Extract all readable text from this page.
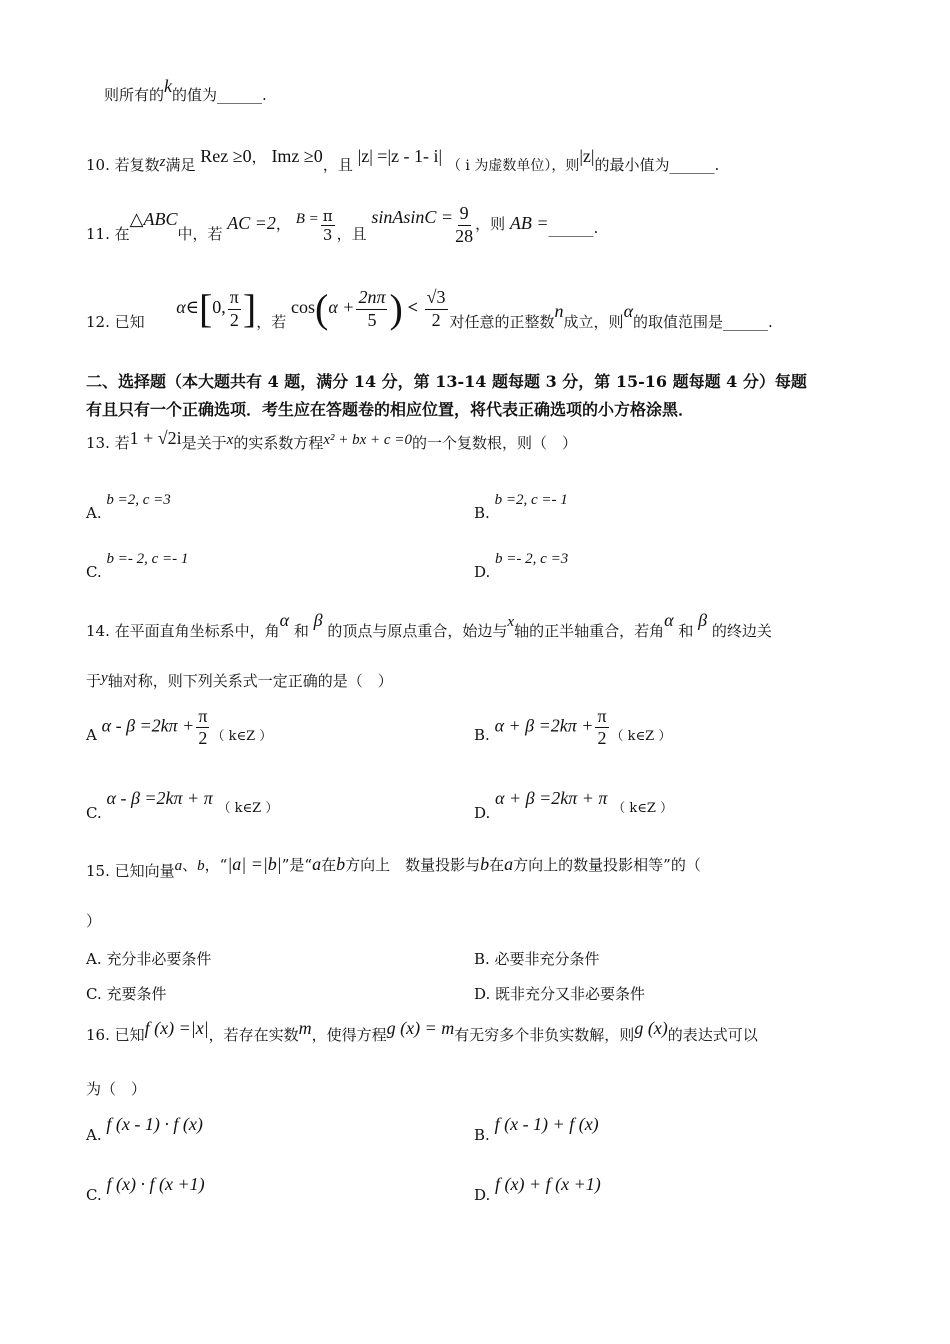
则所有的k的值为______.
10. 若复数z满足 Rez ≥0， Imz ≥0，且 |z| =|z - 1- i| （ i 为虚数单位），则|z|的最小值为______.
11. 在△ABC中，若 AC =2， $B = \frac{\pi}{3}$ ，且 sinAsinC = $\frac{9}{28}$ ，则 AB =______.
12. 已知  α∈[0, $\frac{\pi}{2}$ ]，若 $\cos(\alpha + \frac{2n\pi}{5}$ ) < $\frac{√3}{2}$ 对任意的正整数n成立，则α的取值范围是______.
二、选择题（本大题共有 4 题，满分 14 分，第 13-14 题每题 3 分，第 15-16 题每题 4 分）每题
有且只有一个正确选项．考生应在答题卷的相应位置，将代表正确选项的小方格涂黑．
13. 若1 + √2i是关于x的实系数方程x² + bx + c =0的一个复数根，则（　）
A. b =2, c =3
B. b =2, c =- 1
C. b =- 2, c =- 1
D. b =- 2, c =3
14. 在平面直角坐标系中，角α 和 β 的顶点与原点重合，始边与x轴的正半轴重合，若角α 和 β 的终边关
于y轴对称，则下列关系式一定正确的是（　）
A $\alpha - \beta =2k\pi + \frac{\pi}{2}$ （ k∈Z ）	B. $\alpha + \beta =2k\pi + \frac{\pi}{2}$ （ k∈Z ）
C. α - β =2kπ + π （ k∈Z ）	D. α + β =2kπ + π （ k∈Z ）
15. 已知向量a、b，“|a| =|b|”是“a在b方向上　数量投影与b在a方向上的数量投影相等”的（
）
A. 充分非必要条件	B. 必要非充分条件
C. 充要条件	D. 既非充分又非必要条件
16. 已知f (x) =|x|，若存在实数m，使得方程g (x) = m有无穷多个非负实数解，则g (x)的表达式可以
为（　）
A. f (x - 1) · f (x)
B. f (x - 1) + f (x)
C. f (x) · f (x +1)
D. f (x) + f (x +1)
